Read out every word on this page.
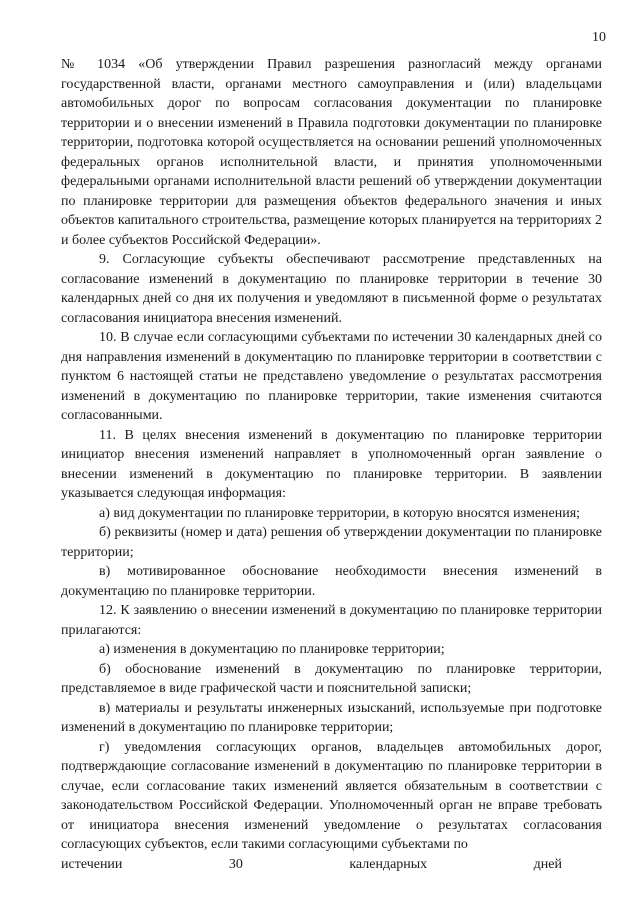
10

№ 1034 «Об утверждении Правил разрешения разногласий между органами государственной власти, органами местного самоуправления и (или) владельцами автомобильных дорог по вопросам согласования документации по планировке территории и о внесении изменений в Правила подготовки документации по планировке территории, подготовка которой осуществляется на основании решений уполномоченных федеральных органов исполнительной власти, и принятия уполномоченными федеральными органами исполнительной власти решений об утверждении документации по планировке территории для размещения объектов федерального значения и иных объектов капитального строительства, размещение которых планируется на территориях 2 и более субъектов Российской Федерации».

9. Согласующие субъекты обеспечивают рассмотрение представленных на согласование изменений в документацию по планировке территории в течение 30 календарных дней со дня их получения и уведомляют в письменной форме о результатах согласования инициатора внесения изменений.

10. В случае если согласующими субъектами по истечении 30 календарных дней со дня направления изменений в документацию по планировке территории в соответствии с пунктом 6 настоящей статьи не представлено уведомление о результатах рассмотрения изменений в документацию по планировке территории, такие изменения считаются согласованными.

11. В целях внесения изменений в документацию по планировке территории инициатор внесения изменений направляет в уполномоченный орган заявление о внесении изменений в документацию по планировке территории. В заявлении указывается следующая информация:

а) вид документации по планировке территории, в которую вносятся изменения;

б) реквизиты (номер и дата) решения об утверждении документации по планировке территории;

в) мотивированное обоснование необходимости внесения изменений в документацию по планировке территории.

12. К заявлению о внесении изменений в документацию по планировке территории прилагаются:

а) изменения в документацию по планировке территории;

б) обоснование изменений в документацию по планировке территории, представляемое в виде графической части и пояснительной записки;

в) материалы и результаты инженерных изысканий, используемые при подготовке изменений в документацию по планировке территории;

г) уведомления согласующих органов, владельцев автомобильных дорог, подтверждающие согласование изменений в документацию по планировке территории в случае, если согласование таких изменений является обязательным в соответствии с законодательством Российской Федерации. Уполномоченный орган не вправе требовать от инициатора внесения изменений уведомление о результатах согласования согласующих субъектов, если такими согласующими субъектами по

истечении	30	календарных	дней
